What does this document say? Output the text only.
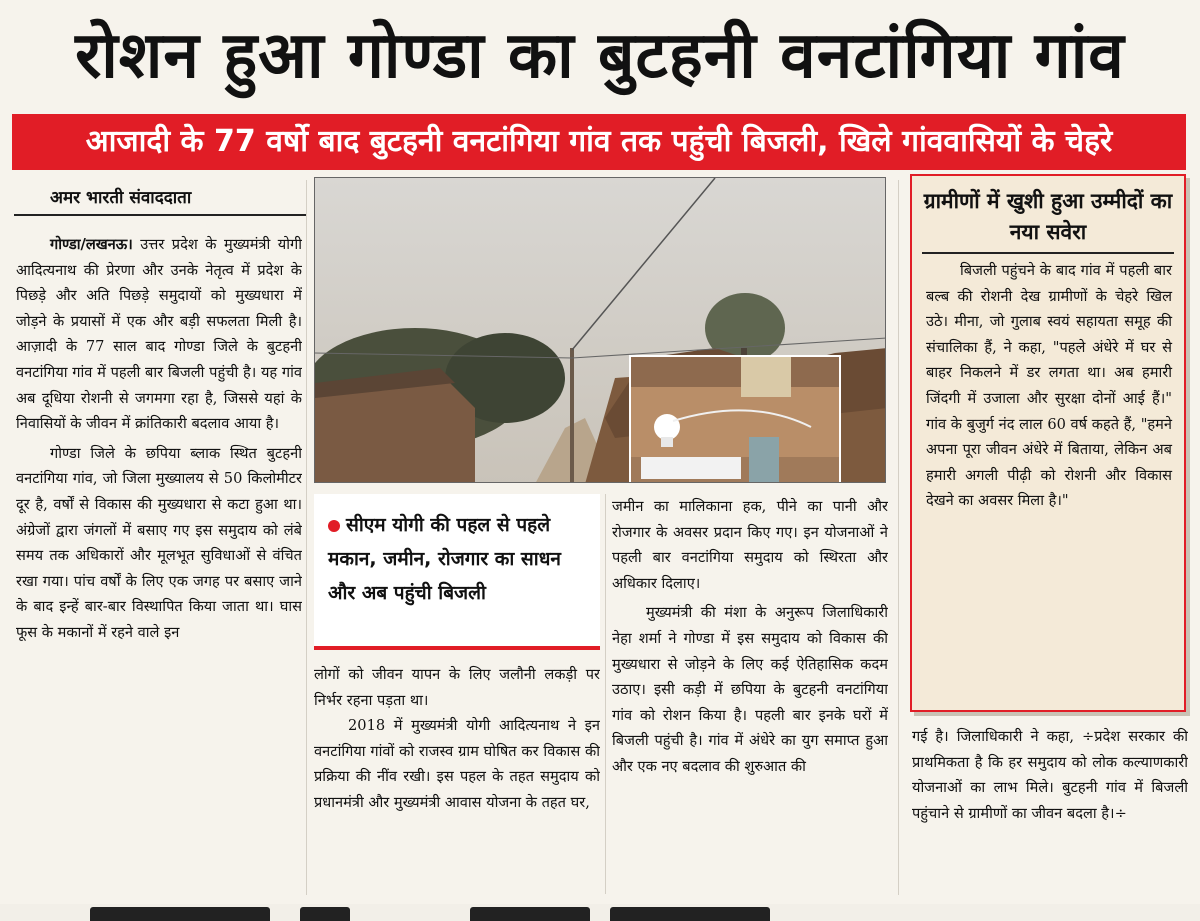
रोशन हुआ गोण्डा का बुटहनी वनटांगिया गांव
आजादी के 77 वर्षो बाद बुटहनी वनटांगिया गांव तक पहुंची बिजली, खिले गांववासियों के चेहरे
अमर भारती संवाददाता

गोण्डा/लखनऊ। उत्तर प्रदेश के मुख्यमंत्री योगी आदित्यनाथ की प्रेरणा और उनके नेतृत्व में प्रदेश के पिछड़े और अति पिछड़े समुदायों को मुख्यधारा में जोड़ने के प्रयासों में एक और बड़ी सफलता मिली है। आज़ादी के 77 साल बाद गोण्डा जिले के बुटहनी वनटांगिया गांव में पहली बार बिजली पहुंची है। यह गांव अब दूधिया रोशनी से जगमगा रहा है, जिससे यहां के निवासियों के जीवन में क्रांतिकारी बदलाव आया है।

गोण्डा जिले के छपिया ब्लाक स्थित बुटहनी वनटांगिया गांव, जो जिला मुख्यालय से 50 किलोमीटर दूर है, वर्षों से विकास की मुख्यधारा से कटा हुआ था। अंग्रेजों द्वारा जंगलों में बसाए गए इस समुदाय को लंबे समय तक अधिकारों और मूलभूत सुविधाओं से वंचित रखा गया। पांच वर्षों के लिए एक जगह पर बसाए जाने के बाद इन्हें बार-बार विस्थापित किया जाता था। घास फूस के मकानों में रहने वाले इन

सीएम योगी की पहल से पहले मकान, जमीन, रोजगार का साधन और अब पहुंची बिजली

लोगों को जीवन यापन के लिए जलौनी लकड़ी पर निर्भर रहना पड़ता था।

2018 में मुख्यमंत्री योगी आदित्यनाथ ने इन वनटांगिया गांवों को राजस्व ग्राम घोषित कर विकास की प्रक्रिया की नींव रखी। इस पहल के तहत समुदाय को प्रधानमंत्री और मुख्यमंत्री आवास योजना के तहत घर,

जमीन का मालिकाना हक, पीने का पानी और रोजगार के अवसर प्रदान किए गए। इन योजनाओं ने पहली बार वनटांगिया समुदाय को स्थिरता और अधिकार दिलाए।

मुख्यमंत्री की मंशा के अनुरूप जिलाधिकारी नेहा शर्मा ने गोण्डा में इस समुदाय को विकास की मुख्यधारा से जोड़ने के लिए कई ऐतिहासिक कदम उठाए। इसी कड़ी में छपिया के बुटहनी वनटांगिया गांव को रोशन किया है। पहली बार इनके घरों में बिजली पहुंची है। गांव में अंधेरे का युग समाप्त हुआ और एक नए बदलाव की शुरुआत की

ग्रामीणों में खुशी हुआ उम्मीदों का नया सवेरा

बिजली पहुंचने के बाद गांव में पहली बार बल्ब की रोशनी देख ग्रामीणों के चेहरे खिल उठे। मीना, जो गुलाब स्वयं सहायता समूह की संचालिका हैं, ने कहा, "पहले अंधेरे में घर से बाहर निकलने में डर लगता था। अब हमारी जिंदगी में उजाला और सुरक्षा दोनों आई हैं।" गांव के बुजुर्ग नंद लाल 60 वर्ष कहते हैं, "हमने अपना पूरा जीवन अंधेरे में बिताया, लेकिन अब हमारी अगली पीढ़ी को रोशनी और विकास देखने का अवसर मिला है।"

गई है। जिलाधिकारी ने कहा, ÷प्रदेश सरकार की प्राथमिकता है कि हर समुदाय को लोक कल्याणकारी योजनाओं का लाभ मिले। बुटहनी गांव में बिजली पहुंचाने से ग्रामीणों का जीवन बदला है।÷
